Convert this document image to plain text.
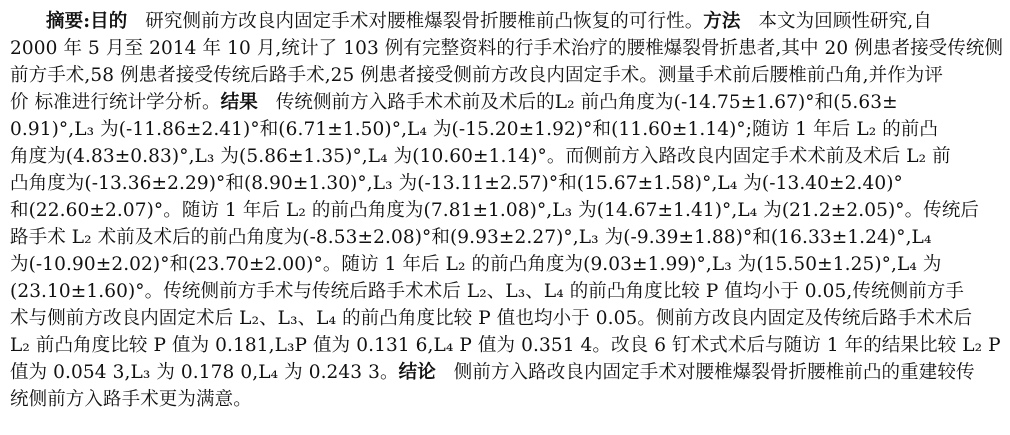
摘要:目的   研究侧前方改良内固定手术对腰椎爆裂骨折腰椎前凸恢复的可行性。方法   本文为回顾性研究,自
2000 年 5 月至 2014 年 10 月,统计了 103 例有完整资料的行手术治疗的腰椎爆裂骨折患者,其中 20 例患者接受传统侧
前方手术,58 例患者接受传统后路手术,25 例患者接受侧前方改良内固定手术。测量手术前后腰椎前凸角,并作为评
价 标准进行统计学分析。结果   传统侧前方入路手术术前及术后的L₂ 前凸角度为(-14.75±1.67)°和(5.63±
0.91)°,L₃ 为(-11.86±2.41)°和(6.71±1.50)°,L₄ 为(-15.20±1.92)°和(11.60±1.14)°;随访 1 年后 L₂ 的前凸
角度为(4.83±0.83)°,L₃ 为(5.86±1.35)°,L₄ 为(10.60±1.14)°。而侧前方入路改良内固定手术术前及术后 L₂ 前
凸角度为(-13.36±2.29)°和(8.90±1.30)°,L₃ 为(-13.11±2.57)°和(15.67±1.58)°,L₄ 为(-13.40±2.40)°
和(22.60±2.07)°。随访 1 年后 L₂ 的前凸角度为(7.81±1.08)°,L₃ 为(14.67±1.41)°,L₄ 为(21.2±2.05)°。传统后
路手术 L₂ 术前及术后的前凸角度为(-8.53±2.08)°和(9.93±2.27)°,L₃ 为(-9.39±1.88)°和(16.33±1.24)°,L₄
为(-10.90±2.02)°和(23.70±2.00)°。随访 1 年后 L₂ 的前凸角度为(9.03±1.99)°,L₃ 为(15.50±1.25)°,L₄ 为
(23.10±1.60)°。传统侧前方手术与传统后路手术术后 L₂、L₃、L₄ 的前凸角度比较 P 值均小于 0.05,传统侧前方手
术与侧前方改良内固定术后 L₂、L₃、L₄ 的前凸角度比较 P 值也均小于 0.05。侧前方改良内固定及传统后路手术术后
L₂ 前凸角度比较 P 值为 0.181,L₃P 值为 0.131 6,L₄ P 值为 0.351 4。改良 6 钉术式术后与随访 1 年的结果比较 L₂ P
值为 0.054 3,L₃ 为 0.178 0,L₄ 为 0.243 3。结论   侧前方入路改良内固定手术对腰椎爆裂骨折腰椎前凸的重建较传
统侧前方入路手术更为满意。
